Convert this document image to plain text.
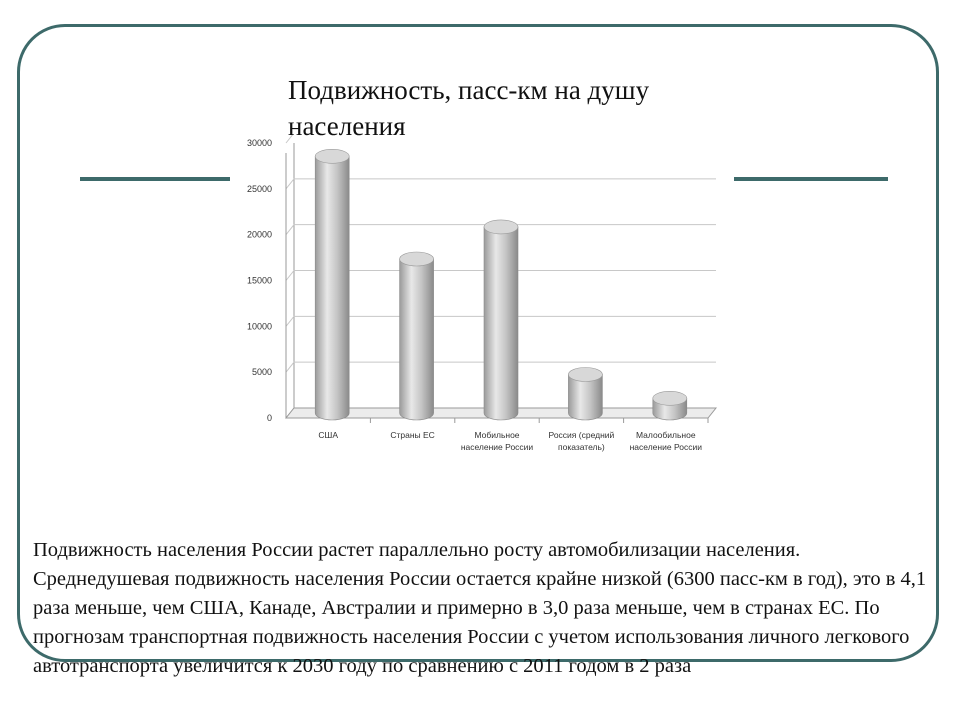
Подвижность, пасс-км на душу населения
0
5000
10000
15000
20000
25000
30000
США	Страны ЕС	Мобильное население России
Россия (средний показатель)
Малообильное население России

Подвижность населения России растет параллельно росту автомобилизации населения. Среднедушевая подвижность населения России остается крайне низкой (6300 пасс-км в год), это в 4,1 раза меньше, чем США, Канаде, Австралии и примерно в 3,0 раза меньше, чем в странах ЕС. По прогнозам транспортная подвижность населения России с учетом использования личного легкового автотранспорта увеличится к 2030 году по сравнению с 2011 годом в 2 раза
